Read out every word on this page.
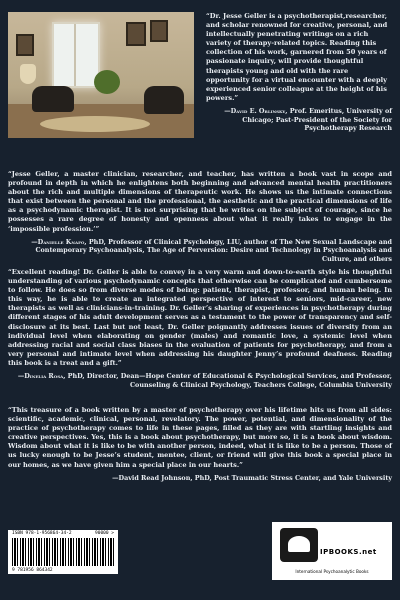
“Dr. Jesse Geller is a psychotherapist,researcher, and scholar renowned for creative, personal, and intellectually penetrating writings on a rich variety of therapy-related topics. Reading this collection of his work, garnered from 50 years of passionate inquiry, will provide thoughtful therapists young and old with the rare opportunity for a virtual encounter with a deeply experienced senior colleague at the height of his powers.”
—David E. Orlinsky, Prof. Emeritus, University of Chicago; Past-President of the Society for Psychotherapy Research

“Jesse Geller, a master clinician, researcher, and teacher, has written a book vast in scope and profound in depth in which he enlightens both beginning and advanced mental health practitioners about the rich and multiple dimensions of therapeutic work. He shows us the intimate connections that exist between the personal and the professional, the aesthetic and the practical dimensions of life as a psychodynamic therapist. It is not surprising that he writes on the subject of courage, since he possesses a rare degree of honesty and openness about what it really takes to engage in the ‘impossible profession.’”

—Danielle Knafo, PhD, Professor of Clinical Psychology, LIU, author of The New Sexual Landscape and Contemporary Psychoanalysis, The Age of Perversion: Desire and Technology in Psychoanalysis and Culture, and others

“Excellent reading! Dr. Geller is able to convey in a very warm and down-to-earth style his thoughtful understanding of various psychodynamic concepts that otherwise can be complicated and cumbersome to follow. He does so from diverse modes of being: patient, therapist, professor, and human being. In this way, he is able to create an integrated perspective of interest to seniors, mid-career, new therapists as well as clinicians-in-training. Dr. Geller’s sharing of experiences in psychotherapy during different stages of his adult development serves as a testament to the power of transparency and self-disclosure at its best. Last but not least, Dr. Geller poignantly addresses issues of diversity from an individual level when elaborating on gender (males) and romantic love, a systemic level when addressing racial and social class biases in the evaluation of patients for psychotherapy, and from a very personal and intimate level when addressing his daughter Jenny’s profound deafness. Reading this book is a treat and a gift.”

—Dinelia Rosa, PhD, Director, Dean—Hope Center of Educational & Psychological Services, and Professor, Counseling & Clinical Psychology, Teachers College, Columbia University

“This treasure of a book written by a master of psychotherapy over his lifetime hits us from all sides: scientific, academic, clinical, personal, revelatory. The power, potential, and dimensionality of the practice of psychotherapy comes to life in these pages, filled as they are with startling insights and creative perspectives. Yes, this is a book about psychotherapy, but more so, it is a book about wisdom. Wisdom about what it is like to be with another person, indeed, what it is like to be a person. Those of us lucky enough to be Jesse’s student, mentee, client, or friend will give this book a special place in our homes, as we have given him a special place in our hearts.”

—David Read Johnson, PhD, Post Traumatic Stress Center, and Yale University
ISBN 978-1-956864-34-2	90000 >
9 781956 864342
IPBOOKS.net
International Psychoanalytic Books
